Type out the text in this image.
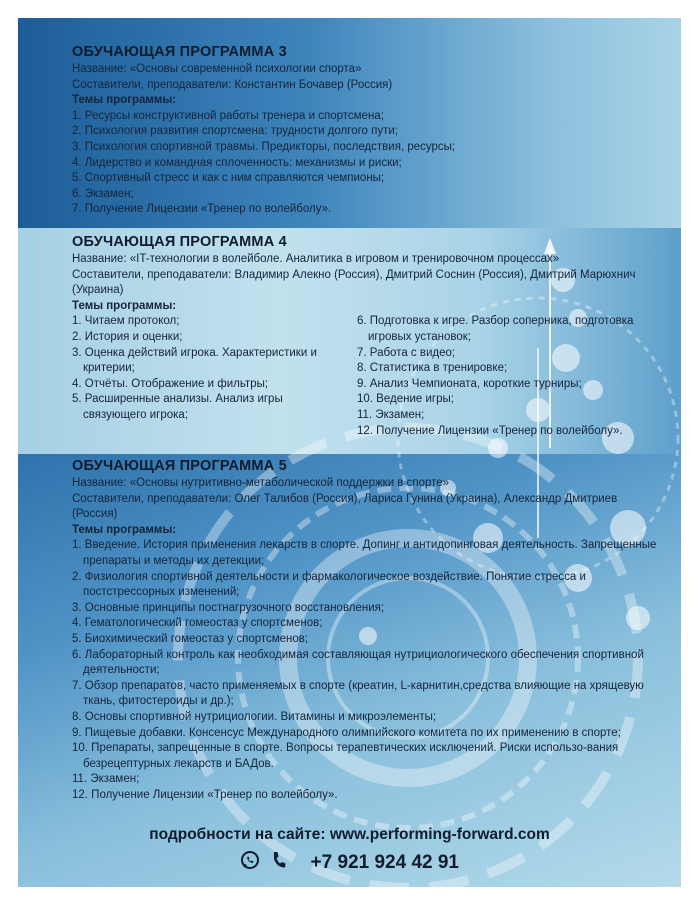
ОБУЧАЮЩАЯ ПРОГРАММА 3

Название: «Основы современной психологии спорта»

Составители, преподаватели: Константин Бочавер (Россия)

Темы программы:

1. Ресурсы конструктивной работы тренера и спортсмена;
2. Психология развития спортсмена: трудности долгого пути;
3. Психология спортивной травмы. Предикторы, последствия, ресурсы;
4. Лидерство и командная сплоченность: механизмы и риски;
5. Спортивный стресс и как с ним справляются чемпионы;
6. Экзамен;
7. Получение Лицензии «Тренер по волейболу».
ОБУЧАЮЩАЯ ПРОГРАММА 4

Название: «IT-технологии в волейболе. Аналитика в игровом и тренировочном процессах»

Составители, преподаватели: Владимир Алекно (Россия), Дмитрий Соснин (Россия), Дмитрий Марюхнич (Украина)

Темы программы:

1. Читаем протокол;
2. История и оценки;
3. Оценка действий игрока. Характеристики и критерии;
4. Отчёты. Отображение и фильтры;
5. Расширенные анализы. Анализ игры связующего игрока;
6. Подготовка к игре. Разбор соперника, подготовка игровых установок;
7. Работа с видео;
8. Статистика в тренировке;
9. Анализ Чемпионата, короткие турниры;
10. Ведение игры;
11. Экзамен;
12. Получение Лицензии «Тренер по волейболу».
ОБУЧАЮЩАЯ ПРОГРАММА 5

Название: «Основы нутритивно-метаболической поддержки в спорте»

Составители, преподаватели: Олег Талибов (Россия), Лариса Гунина (Украина), Александр Дмитриев (Россия)

Темы программы:

1. Введение. История применения лекарств в спорте. Допинг и антидопинговая деятельность. Запрещенные препараты и методы их детекции;
2. Физиология спортивной деятельности и фармакологическое воздействие. Понятие стресса и постстрессорных изменений;
3. Основные принципы постнагрузочного восстановления;
4. Гематологический гомеостаз у спортсменов;
5. Биохимический гомеостаз у спортсменов;
6. Лабораторный контроль как необходимая составляющая нутрициологического обеспечения спортивной деятельности;
7. Обзор препаратов, часто применяемых в спорте (креатин, L-карнитин,средства влияющие на хрящевую ткань, фитостероиды и др.);
8. Основы спортивной нутрициологии. Витамины и микроэлементы;
9. Пищевые добавки. Консенсус Международного олимпийского комитета по их применению в спорте;
10. Препараты, запрещенные в спорте. Вопросы терапевтических исключений. Риски использо-вания безрецептурных лекарств и БАДов.
11. Экзамен;
12. Получение Лицензии «Тренер по волейболу».
подробности на сайте: www.performing-forward.com
+7 921 924 42 91
